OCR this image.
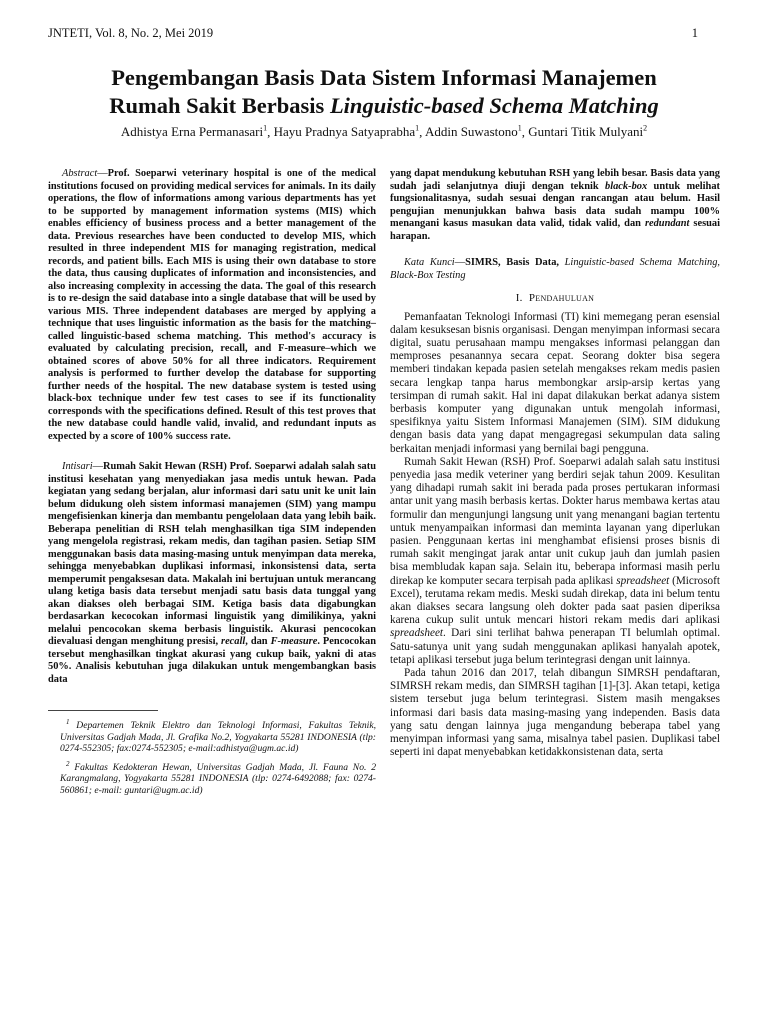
JNTETI, Vol. 8, No. 2, Mei 2019	1
Pengembangan Basis Data Sistem Informasi Manajemen
Rumah Sakit Berbasis Linguistic-based Schema Matching
Adhistya Erna Permanasari$^1$, Hayu Pradnya Satyaprabha$^1$, Addin Suwastono$^1$, Guntari Titik Mulyani$^2$

Abstract—Prof. Soeparwi veterinary hospital is one of the medical institutions focused on providing medical services for animals. In its daily operations, the flow of informations among various departments has yet to be supported by management information systems (MIS) which enables efficiency of business process and a better management of the data. Previous researches have been conducted to develop MIS, which resulted in three independent MIS for managing registration, medical records, and patient bills. Each MIS is using their own database to store the data, thus causing duplicates of information and inconsistencies, and also increasing complexity in accessing the data. The goal of this research is to re-design the said database into a single database that will be used by various MIS. Three independent databases are merged by applying a technique that uses linguistic information as the basis for the matching–called linguistic-based schema matching. This method's accuracy is evaluated by calculating precision, recall, and F-measure–which we obtained scores of above 50% for all three indicators. Requirement analysis is performed to further develop the database for supporting further needs of the hospital. The new database system is tested using black-box technique under few test cases to see if its functionality corresponds with the specifications defined. Result of this test proves that the new database could handle valid, invalid, and redundant inputs as expected by a score of 100% success rate.

Intisari—Rumah Sakit Hewan (RSH) Prof. Soeparwi adalah salah satu institusi kesehatan yang menyediakan jasa medis untuk hewan. Pada kegiatan yang sedang berjalan, alur informasi dari satu unit ke unit lain belum didukung oleh sistem informasi manajemen (SIM) yang mampu mengefisienkan kinerja dan membantu pengelolaan data yang lebih baik. Beberapa penelitian di RSH telah menghasilkan tiga SIM independen yang mengelola registrasi, rekam medis, dan tagihan pasien. Setiap SIM menggunakan basis data masing-masing untuk menyimpan data mereka, sehingga menyebabkan duplikasi informasi, inkonsistensi data, serta memperumit pengaksesan data. Makalah ini bertujuan untuk merancang ulang ketiga basis data tersebut menjadi satu basis data tunggal yang akan diakses oleh berbagai SIM. Ketiga basis data digabungkan berdasarkan kecocokan informasi linguistik yang dimilikinya, yakni melalui pencocokan skema berbasis linguistik. Akurasi pencocokan dievaluasi dengan menghitung presisi, recall, dan F-measure. Pencocokan tersebut menghasilkan tingkat akurasi yang cukup baik, yakni di atas 50%. Analisis kebutuhan juga dilakukan untuk mengembangkan basis data

$^1$ Departemen Teknik Elektro dan Teknologi Informasi, Fakultas Teknik, Universitas Gadjah Mada, Jl. Grafika No.2, Yogyakarta 55281 INDONESIA (tlp: 0274-552305; fax:0274-552305; e-mail:adhistya@ugm.ac.id)

$^2$ Fakultas Kedokteran Hewan, Universitas Gadjah Mada, Jl. Fauna No. 2 Karangmalang, Yogyakarta 55281 INDONESIA (tlp: 0274-6492088; fax: 0274-560861; e-mail: guntari@ugm.ac.id)

yang dapat mendukung kebutuhan RSH yang lebih besar. Basis data yang sudah jadi selanjutnya diuji dengan teknik black-box untuk melihat fungsionalitasnya, sudah sesuai dengan rancangan atau belum. Hasil pengujian menunjukkan bahwa basis data sudah mampu 100% menangani kasus masukan data valid, tidak valid, dan redundant sesuai harapan.
Kata Kunci—SIMRS, Basis Data, Linguistic-based Schema Matching, Black-Box Testing
I. Pendahuluan

Pemanfaatan Teknologi Informasi (TI) kini memegang peran esensial dalam kesuksesan bisnis organisasi. Dengan menyimpan informasi secara digital, suatu perusahaan mampu mengakses informasi pelanggan dan memproses pesanannya secara cepat. Seorang dokter bisa segera memberi tindakan kepada pasien setelah mengakses rekam medis pasien secara lengkap tanpa harus membongkar arsip-arsip kertas yang tersimpan di rumah sakit. Hal ini dapat dilakukan berkat adanya sistem berbasis komputer yang digunakan untuk mengolah informasi, spesifiknya yaitu Sistem Informasi Manajemen (SIM). SIM didukung dengan basis data yang dapat mengagregasi sekumpulan data saling berkaitan menjadi informasi yang bernilai bagi pengguna.

Rumah Sakit Hewan (RSH) Prof. Soeparwi adalah salah satu institusi penyedia jasa medik veteriner yang berdiri sejak tahun 2009. Kesulitan yang dihadapi rumah sakit ini berada pada proses pertukaran informasi antar unit yang masih berbasis kertas. Dokter harus membawa kertas atau formulir dan mengunjungi langsung unit yang menangani bagian tertentu untuk menyampaikan informasi dan meminta layanan yang diperlukan pasien. Penggunaan kertas ini menghambat efisiensi proses bisnis di rumah sakit mengingat jarak antar unit cukup jauh dan jumlah pasien bisa membludak kapan saja. Selain itu, beberapa informasi masih perlu direkap ke komputer secara terpisah pada aplikasi spreadsheet (Microsoft Excel), terutama rekam medis. Meski sudah direkap, data ini belum tentu akan diakses secara langsung oleh dokter pada saat pasien diperiksa karena cukup sulit untuk mencari histori rekam medis dari aplikasi spreadsheet. Dari sini terlihat bahwa penerapan TI belumlah optimal. Satu-satunya unit yang sudah menggunakan aplikasi hanyalah apotek, tetapi aplikasi tersebut juga belum terintegrasi dengan unit lainnya.

Pada tahun 2016 dan 2017, telah dibangun SIMRSH pendaftaran, SIMRSH rekam medis, dan SIMRSH tagihan [1]-[3]. Akan tetapi, ketiga sistem tersebut juga belum terintegrasi. Sistem masih mengakses informasi dari basis data masing-masing yang independen. Basis data yang satu dengan lainnya juga mengandung beberapa tabel yang menyimpan informasi yang sama, misalnya tabel pasien. Duplikasi tabel seperti ini dapat menyebabkan ketidakkonsistenan data, serta
